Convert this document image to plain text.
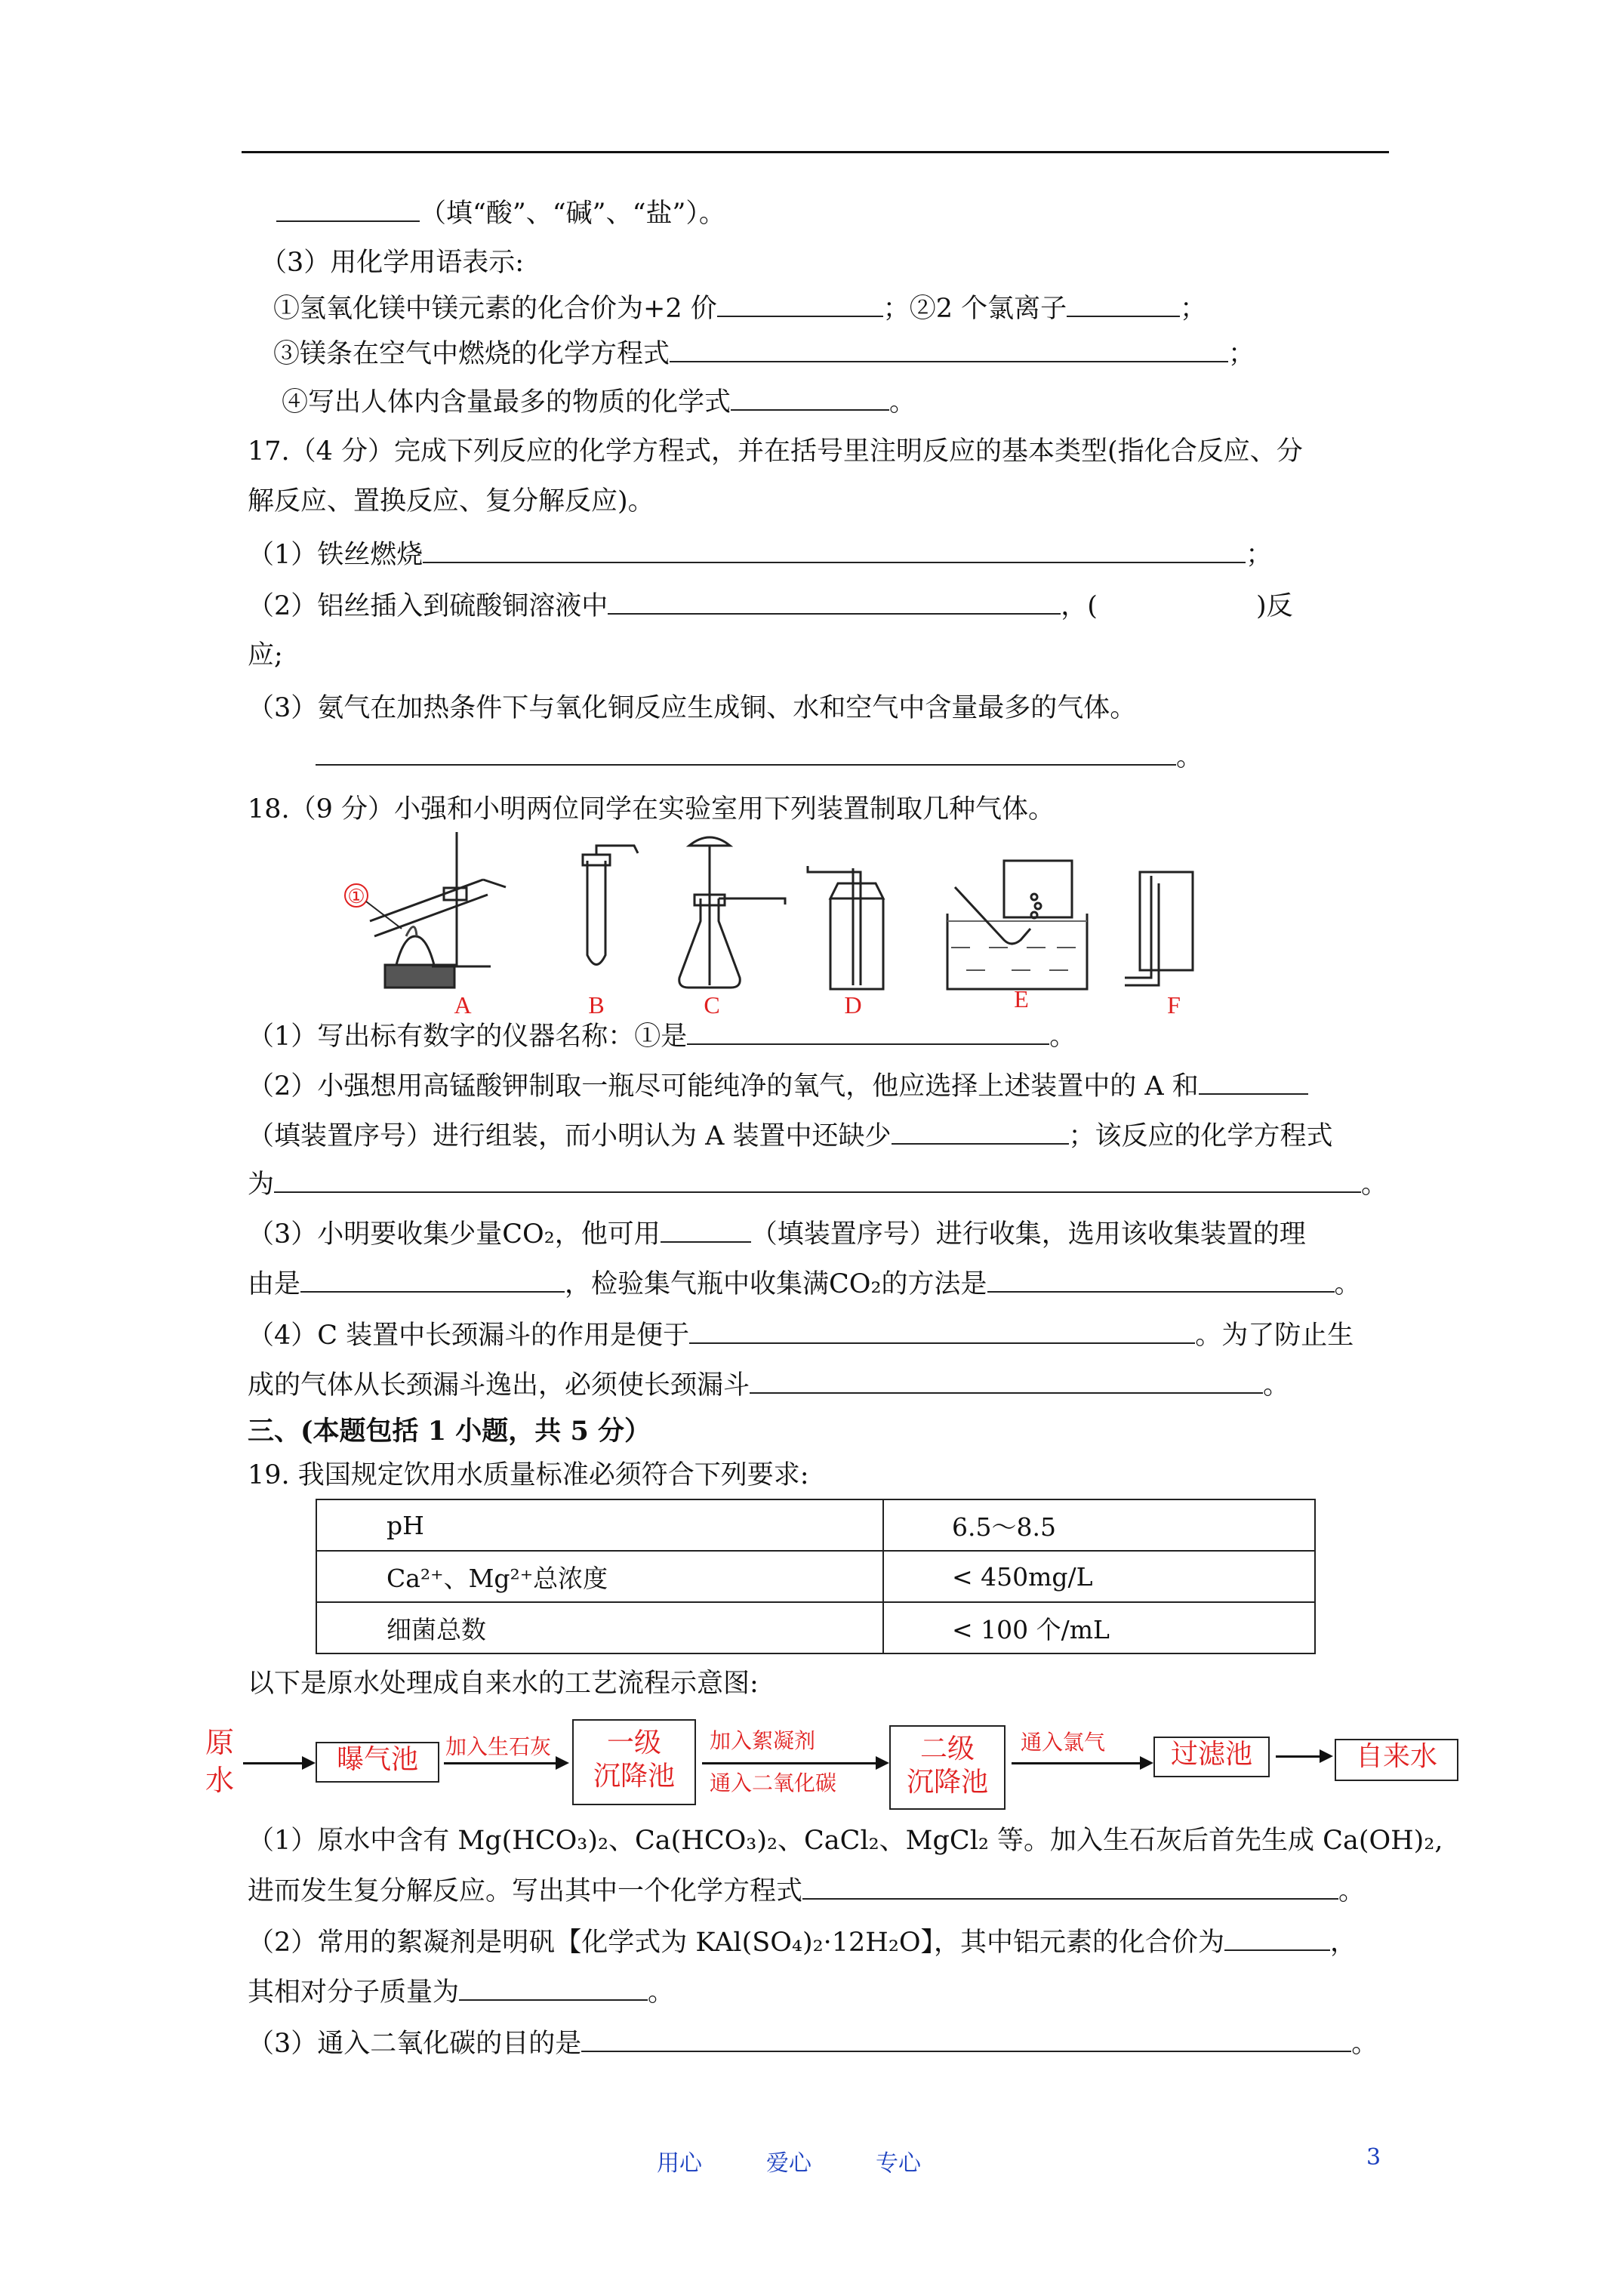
（填“酸”、“碱”、“盐”）。
（3）用化学用语表示:
①氢氧化镁中镁元素的化合价为+2 价	；②2 个氯离子	；
③镁条在空气中燃烧的化学方程式	；
④写出人体内含量最多的物质的化学式	。
17.（4 分）完成下列反应的化学方程式，并在括号里注明反应的基本类型(指化合反应、分
解反应、置换反应、复分解反应)。
（1）铁丝燃烧	；
（2）铝丝插入到硫酸铜溶液中	，(	)反
应;
（3）氨气在加热条件下与氧化铜反应生成铜、水和空气中含量最多的气体。
。
18.（9 分）小强和小明两位同学在实验室用下列装置制取几种气体。
①
A	B	C	D	E	F
（1）写出标有数字的仪器名称：①是	。
（2）小强想用高锰酸钾制取一瓶尽可能纯净的氧气，他应选择上述装置中的 A 和
（填装置序号）进行组装，而小明认为 A 装置中还缺少	；该反应的化学方程式
为	。
（3）小明要收集少量CO₂，他可用	（填装置序号）进行收集，选用该收集装置的理
由是	，检验集气瓶中收集满CO₂的方法是	。
（4）C 装置中长颈漏斗的作用是便于	。为了防止生
成的气体从长颈漏斗逸出，必须使长颈漏斗	。
三、(本题包括 1 小题，共 5 分）
19. 我国规定饮用水质量标准必须符合下列要求:
pH	6.5～8.5
Ca²⁺、Mg²⁺总浓度	< 450mg/L
细菌总数	< 100 个/mL
以下是原水处理成自来水的工艺流程示意图:
原
水
曝气池	加入生石灰	一级
沉降池
加入絮凝剂
通入二氧化碳
二级
沉降池
通入氯气	过滤池	自来水
（1）原水中含有 Mg(HCO₃)₂、Ca(HCO₃)₂、CaCl₂、MgCl₂ 等。加入生石灰后首先生成 Ca(OH)₂,
进而发生复分解反应。写出其中一个化学方程式	。
（2）常用的絮凝剂是明矾【化学式为 KAl(SO₄)₂·12H₂O】，其中铝元素的化合价为	，
其相对分子质量为	。
（3）通入二氧化碳的目的是	。
用心	爱心	专心	3
